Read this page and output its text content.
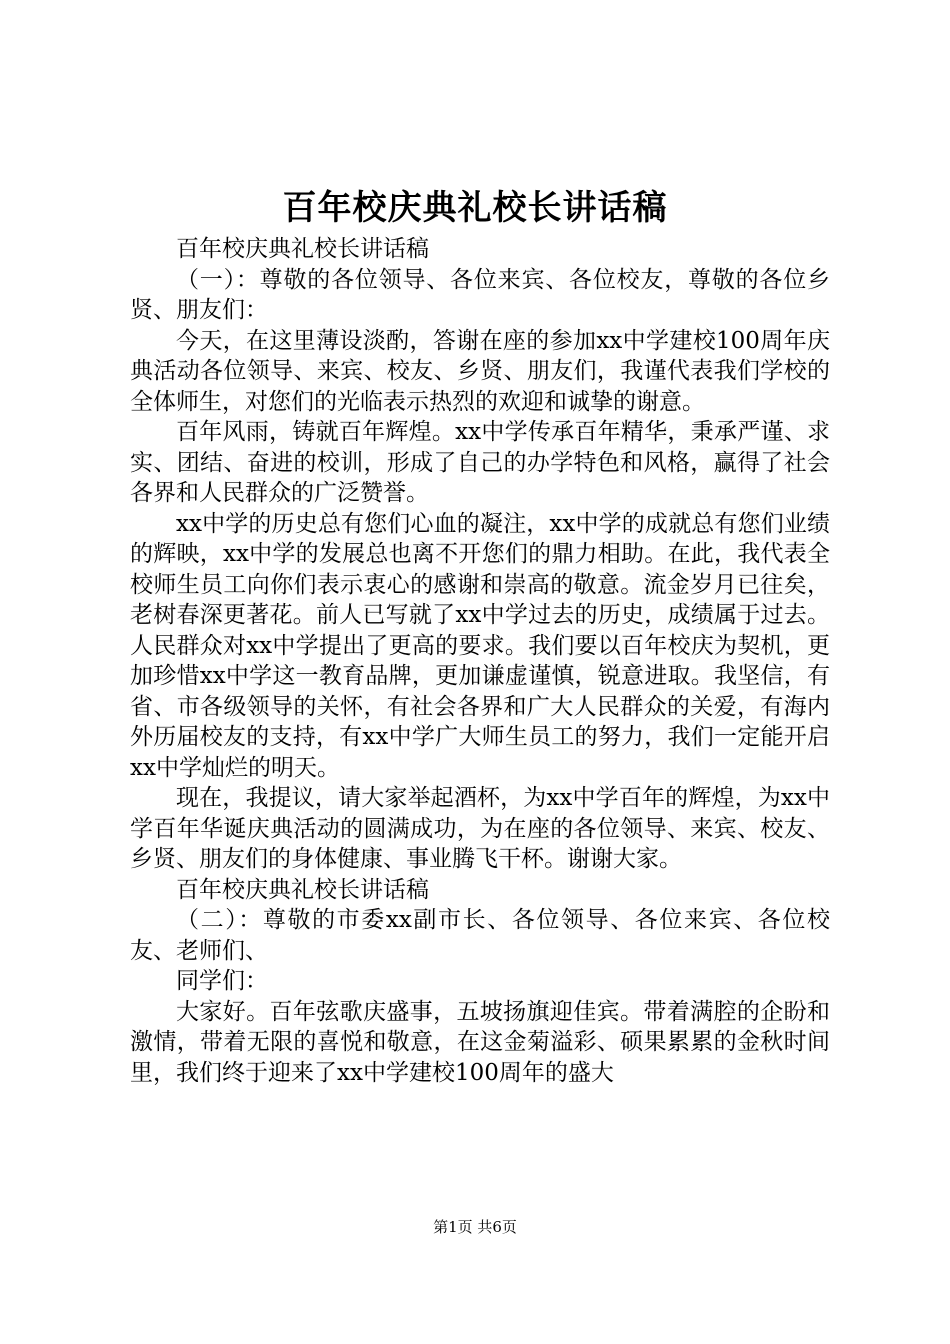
百年校庆典礼校长讲话稿

百年校庆典礼校长讲话稿

（一）：尊敬的各位领导、各位来宾、各位校友，尊敬的各位乡贤、朋友们：

今天，在这里薄设淡酌，答谢在座的参加xx中学建校100周年庆典活动各位领导、来宾、校友、乡贤、朋友们，我谨代表我们学校的全体师生，对您们的光临表示热烈的欢迎和诚挚的谢意。

百年风雨，铸就百年辉煌。xx中学传承百年精华，秉承严谨、求实、团结、奋进的校训，形成了自己的办学特色和风格，赢得了社会各界和人民群众的广泛赞誉。

xx中学的历史总有您们心血的凝注，xx中学的成就总有您们业绩的辉映，xx中学的发展总也离不开您们的鼎力相助。在此，我代表全校师生员工向你们表示衷心的感谢和崇高的敬意。流金岁月已往矣，老树春深更著花。前人已写就了xx中学过去的历史，成绩属于过去。人民群众对xx中学提出了更高的要求。我们要以百年校庆为契机，更加珍惜xx中学这一教育品牌，更加谦虚谨慎，锐意进取。我坚信，有省、市各级领导的关怀，有社会各界和广大人民群众的关爱，有海内外历届校友的支持，有xx中学广大师生员工的努力，我们一定能开启xx中学灿烂的明天。

现在，我提议，请大家举起酒杯，为xx中学百年的辉煌，为xx中学百年华诞庆典活动的圆满成功，为在座的各位领导、来宾、校友、乡贤、朋友们的身体健康、事业腾飞干杯。谢谢大家。

百年校庆典礼校长讲话稿

（二）：尊敬的市委xx副市长、各位领导、各位来宾、各位校友、老师们、

同学们：

大家好。百年弦歌庆盛事，五坡扬旗迎佳宾。带着满腔的企盼和激情，带着无限的喜悦和敬意，在这金菊溢彩、硕果累累的金秋时间里，我们终于迎来了xx中学建校100周年的盛大

第1页 共6页
